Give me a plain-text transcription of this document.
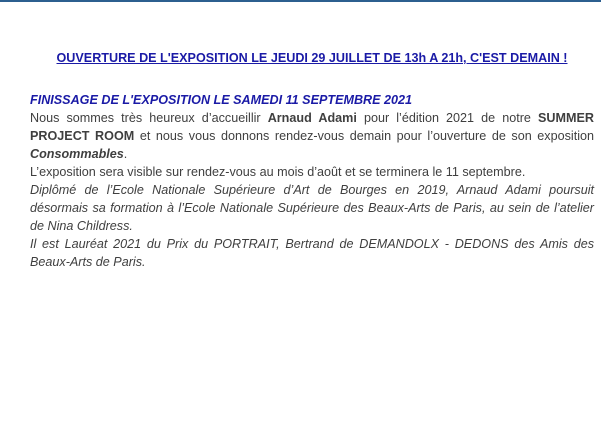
OUVERTURE DE L'EXPOSITION LE JEUDI 29 JUILLET DE 13h A 21h, C'EST DEMAIN !

FINISSAGE DE L'EXPOSITION LE SAMEDI 11 SEPTEMBRE 2021

Nous sommes très heureux d’accueillir Arnaud Adami pour l’édition 2021 de notre SUMMER PROJECT ROOM et nous vous donnons rendez-vous demain pour l’ouverture de son exposition Consommables.

L’exposition sera visible sur rendez-vous au mois d’août et se terminera le 11 septembre.

Diplômé de l’Ecole Nationale Supérieure d’Art de Bourges en 2019, Arnaud Adami poursuit désormais sa formation à l’Ecole Nationale Supérieure des Beaux-Arts de Paris, au sein de l’atelier de Nina Childress.

Il est Lauréat 2021 du Prix du PORTRAIT, Bertrand de DEMANDOLX - DEDONS des Amis des Beaux-Arts de Paris.
